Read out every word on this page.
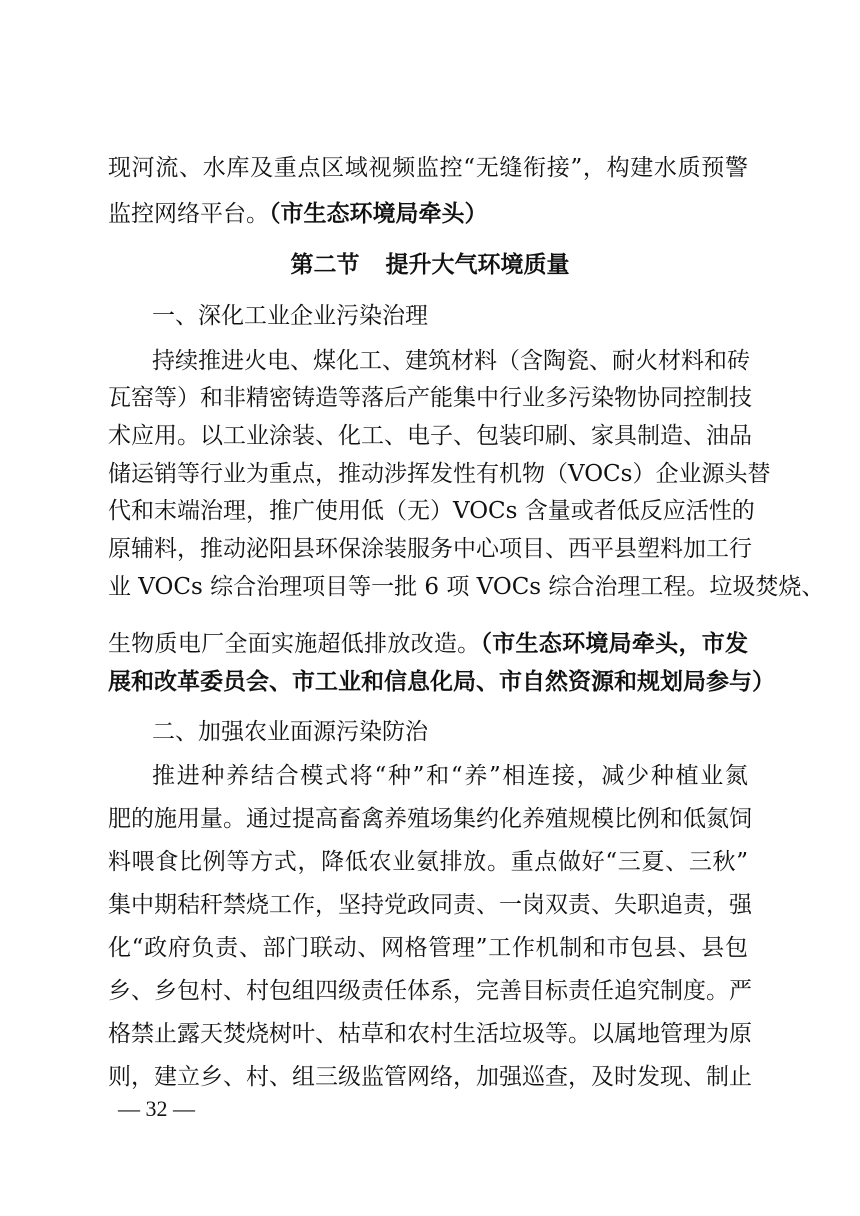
现河流、水库及重点区域视频监控“无缝衔接”，构建水质预警
监控网络平台。（市生态环境局牵头）
第二节 提升大气环境质量
一、深化工业企业污染治理
持续推进火电、煤化工、建筑材料（含陶瓷、耐火材料和砖
瓦窑等）和非精密铸造等落后产能集中行业多污染物协同控制技
术应用。以工业涂装、化工、电子、包装印刷、家具制造、油品
储运销等行业为重点，推动涉挥发性有机物（VOCs）企业源头替
代和末端治理，推广使用低（无）VOCs 含量或者低反应活性的
原辅料，推动泌阳县环保涂装服务中心项目、西平县塑料加工行
业 VOCs 综合治理项目等一批 6 项 VOCs 综合治理工程。垃圾焚烧、
生物质电厂全面实施超低排放改造。（市生态环境局牵头，市发
展和改革委员会、市工业和信息化局、市自然资源和规划局参与）
二、加强农业面源污染防治
推进种养结合模式将“种”和“养”相连接，减少种植业氮
肥的施用量。通过提高畜禽养殖场集约化养殖规模比例和低氮饲
料喂食比例等方式，降低农业氨排放。重点做好“三夏、三秋”
集中期秸秆禁烧工作，坚持党政同责、一岗双责、失职追责，强
化“政府负责、部门联动、网格管理”工作机制和市包县、县包
乡、乡包村、村包组四级责任体系，完善目标责任追究制度。严
格禁止露天焚烧树叶、枯草和农村生活垃圾等。以属地管理为原
则，建立乡、村、组三级监管网络，加强巡查，及时发现、制止
— 32 —
